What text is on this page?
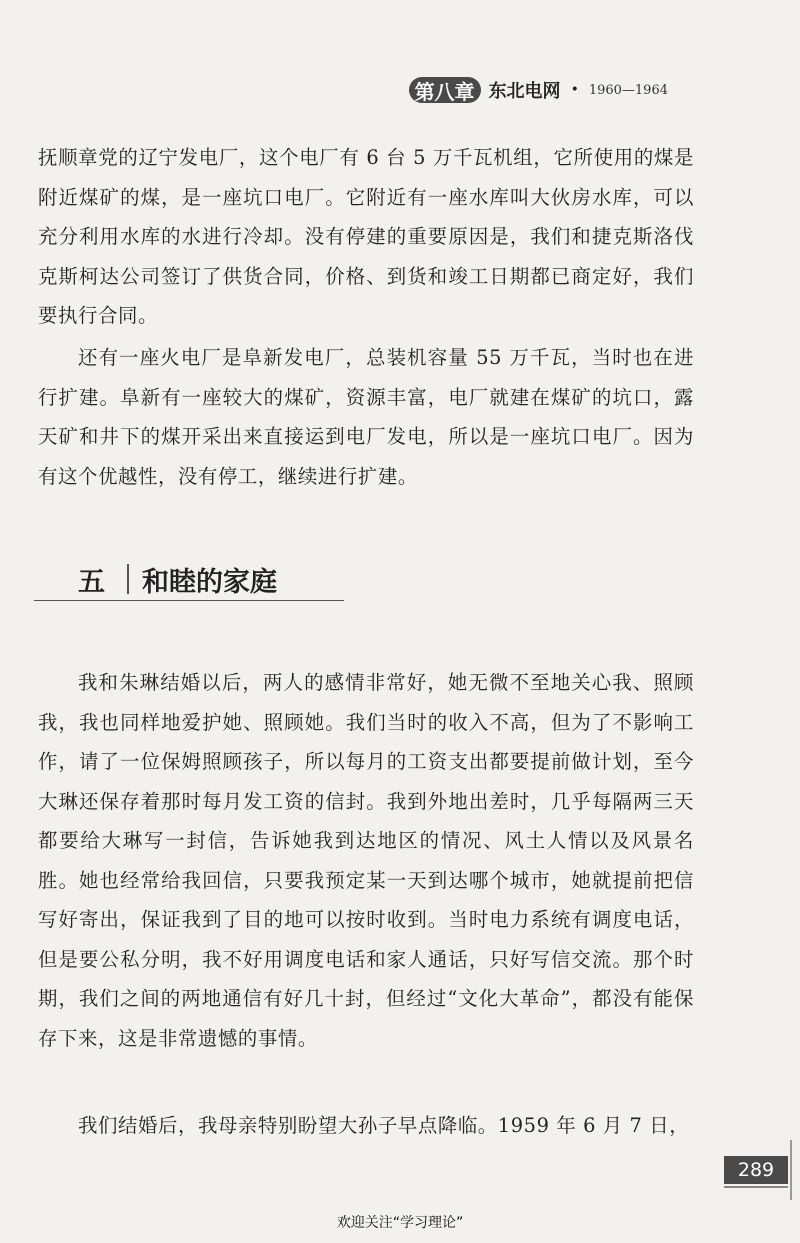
第八章 东北电网 • 1960—1964

抚顺章党的辽宁发电厂，这个电厂有 6 台 5 万千瓦机组，它所使用的煤是附近煤矿的煤，是一座坑口电厂。它附近有一座水库叫大伙房水库，可以充分利用水库的水进行冷却。没有停建的重要原因是，我们和捷克斯洛伐克斯柯达公司签订了供货合同，价格、到货和竣工日期都已商定好，我们要执行合同。

还有一座火电厂是阜新发电厂，总装机容量 55 万千瓦，当时也在进行扩建。阜新有一座较大的煤矿，资源丰富，电厂就建在煤矿的坑口，露天矿和井下的煤开采出来直接运到电厂发电，所以是一座坑口电厂。因为有这个优越性，没有停工，继续进行扩建。

五 和睦的家庭

我和朱琳结婚以后，两人的感情非常好，她无微不至地关心我、照顾我，我也同样地爱护她、照顾她。我们当时的收入不高，但为了不影响工作，请了一位保姆照顾孩子，所以每月的工资支出都要提前做计划，至今大琳还保存着那时每月发工资的信封。我到外地出差时，几乎每隔两三天都要给大琳写一封信，告诉她我到达地区的情况、风土人情以及风景名胜。她也经常给我回信，只要我预定某一天到达哪个城市，她就提前把信写好寄出，保证我到了目的地可以按时收到。当时电力系统有调度电话，但是要公私分明，我不好用调度电话和家人通话，只好写信交流。那个时期，我们之间的两地通信有好几十封，但经过“文化大革命”，都没有能保存下来，这是非常遗憾的事情。

我们结婚后，我母亲特别盼望大孙子早点降临。1959 年 6 月 7 日，

289
欢迎关注“学习理论”
